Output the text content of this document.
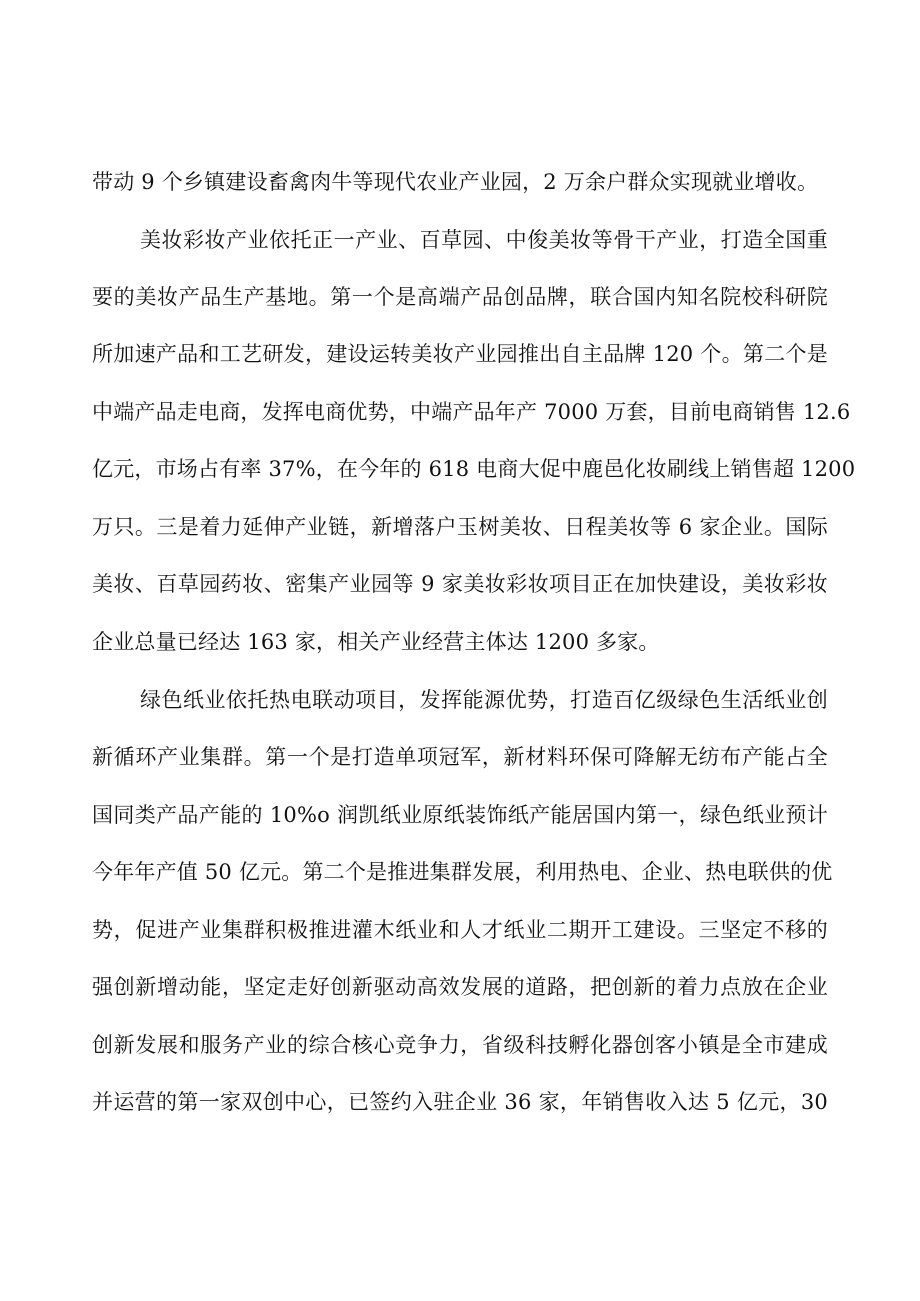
带动 9 个乡镇建设畜禽肉牛等现代农业产业园，2 万余户群众实现就业增收。
美妆彩妆产业依托正一产业、百草园、中俊美妆等骨干产业，打造全国重
要的美妆产品生产基地。第一个是高端产品创品牌，联合国内知名院校科研院
所加速产品和工艺研发，建设运转美妆产业园推出自主品牌 120 个。第二个是
中端产品走电商，发挥电商优势，中端产品年产 7000 万套，目前电商销售 12.6
亿元，市场占有率 37%，在今年的 618 电商大促中鹿邑化妆刷线上销售超 1200
万只。三是着力延伸产业链，新增落户玉树美妆、日程美妆等 6 家企业。国际
美妆、百草园药妆、密集产业园等 9 家美妆彩妆项目正在加快建设，美妆彩妆
企业总量已经达 163 家，相关产业经营主体达 1200 多家。
绿色纸业依托热电联动项目，发挥能源优势，打造百亿级绿色生活纸业创
新循环产业集群。第一个是打造单项冠军，新材料环保可降解无纺布产能占全
国同类产品产能的 10%o 润凯纸业原纸装饰纸产能居国内第一，绿色纸业预计
今年年产值 50 亿元。第二个是推进集群发展，利用热电、企业、热电联供的优
势，促进产业集群积极推进灌木纸业和人才纸业二期开工建设。三坚定不移的
强创新增动能，坚定走好创新驱动高效发展的道路，把创新的着力点放在企业
创新发展和服务产业的综合核心竞争力，省级科技孵化器创客小镇是全市建成
并运营的第一家双创中心，已签约入驻企业 36 家，年销售收入达 5 亿元，30
